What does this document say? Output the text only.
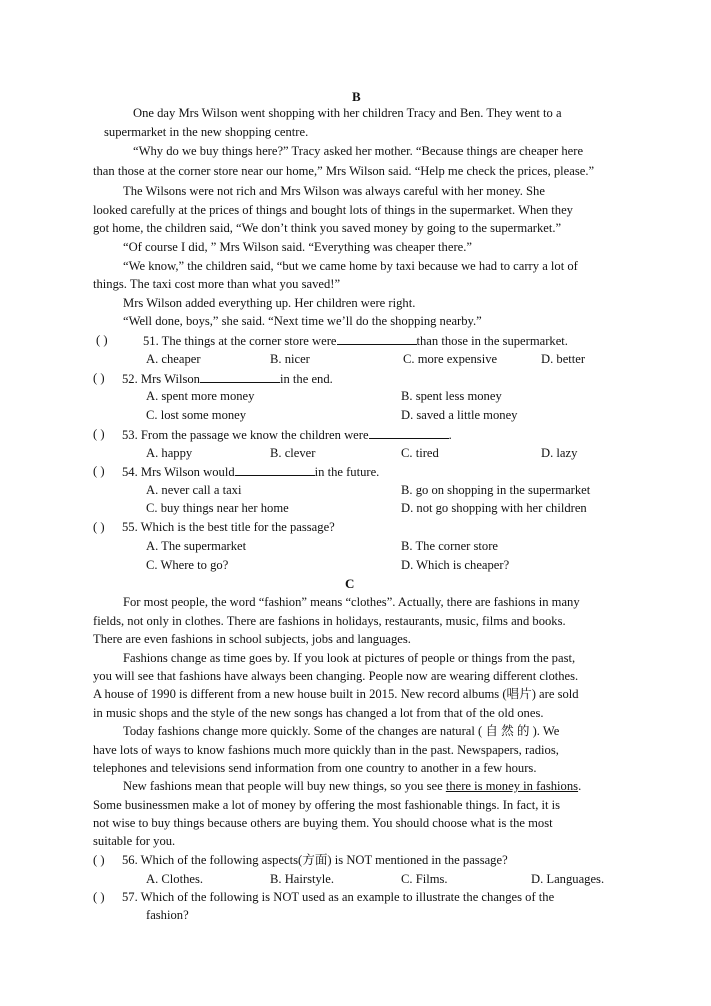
B
One day Mrs Wilson went shopping with her children Tracy and Ben. They went to a
supermarket in the new shopping centre.
“Why do we buy things here?” Tracy asked her mother. “Because things are cheaper here
than those at the corner store near our home,” Mrs Wilson said. “Help me check the prices, please.”
The Wilsons were not rich and Mrs Wilson was always careful with her money. She
looked carefully at the prices of things and bought lots of things in the supermarket. When they
got home, the children said, “We don’t think you saved money by going to the supermarket.”
“Of course I did, ” Mrs Wilson said. “Everything was cheaper there.”
“We know,” the children said, “but we came home by taxi because we had to carry a lot of
things. The taxi cost more than what you saved!”
Mrs Wilson added everything up. Her children were right.
“Well done, boys,” she said. “Next time we’ll do the shopping nearby.”
( )	51. The things at the corner store were	than those in the supermarket.
A. cheaper	B. nicer	C. more expensive	D. better
( ) 52. Mrs Wilson	in the end.
A. spent more money	B. spent less money
C. lost some money	D. saved a little money
( ) 53. From the passage we know the children were	.
A. happy	B. clever	C. tired	D. lazy
( ) 54. Mrs Wilson would	in the future.
A. never call a taxi	B. go on shopping in the supermarket
C. buy things near her home	D. not go shopping with her children
( ) 55. Which is the best title for the passage?
A. The supermarket	B. The corner store
C. Where to go?	D. Which is cheaper?
C
For most people, the word “fashion” means “clothes”. Actually, there are fashions in many
fields, not only in clothes. There are fashions in holidays, restaurants, music, films and books.
There are even fashions in school subjects, jobs and languages.
Fashions change as time goes by. If you look at pictures of people or things from the past,
you will see that fashions have always been changing. People now are wearing different clothes.
A house of 1990 is different from a new house built in 2015. New record albums (唱片) are sold
in music shops and the style of the new songs has changed a lot from that of the old ones.
Today fashions change more quickly. Some of the changes are natural ( 自 然 的 ). We
have lots of ways to know fashions much more quickly than in the past. Newspapers, radios,
telephones and televisions send information from one country to another in a few hours.
New fashions mean that people will buy new things, so you see there is money in fashions.
Some businessmen make a lot of money by offering the most fashionable things. In fact, it is
not wise to buy things because others are buying them. You should choose what is the most
suitable for you.
( ) 56. Which of the following aspects(方面) is NOT mentioned in the passage?
A. Clothes.	B. Hairstyle.	C. Films.	D. Languages.
( ) 57. Which of the following is NOT used as an example to illustrate the changes of the
fashion?
